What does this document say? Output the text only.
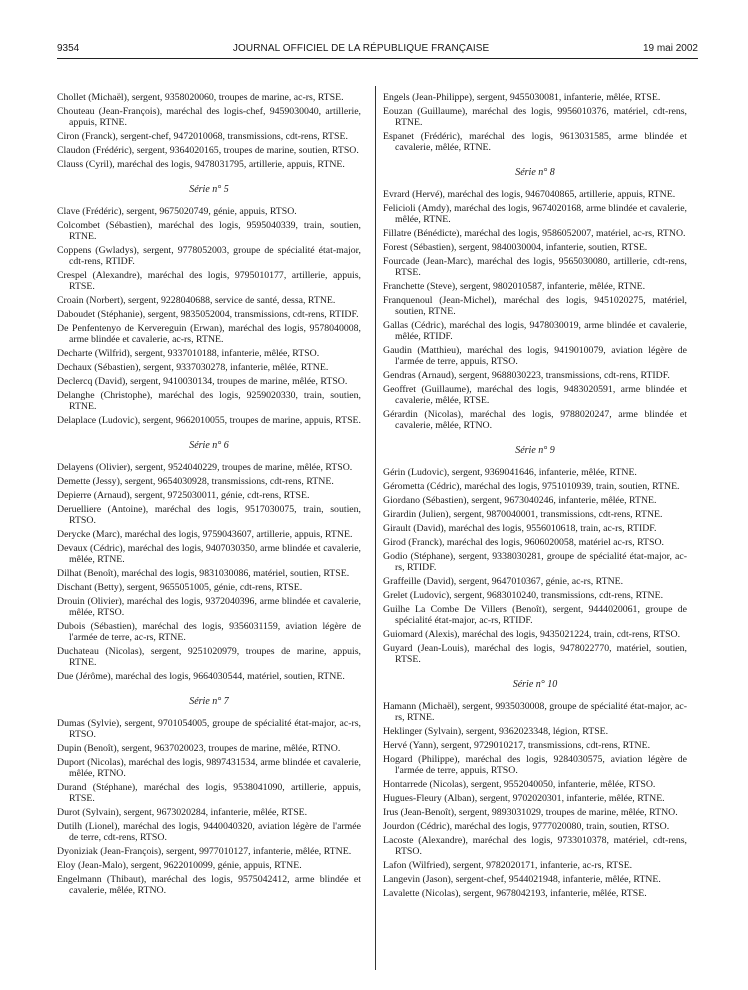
9354	JOURNAL OFFICIEL DE LA RÉPUBLIQUE FRANÇAISE	19 mai 2002

Chollet (Michaël), sergent, 9358020060, troupes de marine, ac-rs, RTSE.

Chouteau (Jean-François), maréchal des logis-chef, 9459030040, artillerie, appuis, RTNE.

Ciron (Franck), sergent-chef, 9472010068, transmissions, cdt-rens, RTSE.

Claudon (Frédéric), sergent, 9364020165, troupes de marine, soutien, RTSO.

Clauss (Cyril), maréchal des logis, 9478031795, artillerie, appuis, RTNE.

Série n° 5

Clave (Frédéric), sergent, 9675020749, génie, appuis, RTSO.

Colcombet (Sébastien), maréchal des logis, 9595040339, train, soutien, RTNE.

Coppens (Gwladys), sergent, 9778052003, groupe de spécialité état-major, cdt-rens, RTIDF.

Crespel (Alexandre), maréchal des logis, 9795010177, artillerie, appuis, RTSE.

Croain (Norbert), sergent, 9228040688, service de santé, dessa, RTNE.

Daboudet (Stéphanie), sergent, 9835052004, transmissions, cdt-rens, RTIDF.

De Penfentenyo de Kervereguin (Erwan), maréchal des logis, 9578040008, arme blindée et cavalerie, ac-rs, RTNE.

Decharte (Wilfrid), sergent, 9337010188, infanterie, mêlée, RTSO.

Dechaux (Sébastien), sergent, 9337030278, infanterie, mêlée, RTNE.

Declercq (David), sergent, 9410030134, troupes de marine, mêlée, RTSO.

Delanghe (Christophe), maréchal des logis, 9259020330, train, soutien, RTNE.

Delaplace (Ludovic), sergent, 9662010055, troupes de marine, appuis, RTSE.

Série n° 6

Delayens (Olivier), sergent, 9524040229, troupes de marine, mêlée, RTSO.

Demette (Jessy), sergent, 9654030928, transmissions, cdt-rens, RTNE.

Depierre (Arnaud), sergent, 9725030011, génie, cdt-rens, RTSE.

Deruelliere (Antoine), maréchal des logis, 9517030075, train, soutien, RTSO.

Derycke (Marc), maréchal des logis, 9759043607, artillerie, appuis, RTNE.

Devaux (Cédric), maréchal des logis, 9407030350, arme blindée et cavalerie, mêlée, RTNE.

Dilhat (Benoît), maréchal des logis, 9831030086, matériel, soutien, RTSE.

Dischant (Betty), sergent, 9655051005, génie, cdt-rens, RTSE.

Drouin (Olivier), maréchal des logis, 9372040396, arme blindée et cavalerie, mêlée, RTSO.

Dubois (Sébastien), maréchal des logis, 9356031159, aviation légère de l'armée de terre, ac-rs, RTNE.

Duchateau (Nicolas), sergent, 9251020979, troupes de marine, appuis, RTNE.

Due (Jérôme), maréchal des logis, 9664030544, matériel, soutien, RTNE.

Série n° 7

Dumas (Sylvie), sergent, 9701054005, groupe de spécialité état-major, ac-rs, RTSO.

Dupin (Benoît), sergent, 9637020023, troupes de marine, mêlée, RTNO.

Duport (Nicolas), maréchal des logis, 9897431534, arme blindée et cavalerie, mêlée, RTNO.

Durand (Stéphane), maréchal des logis, 9538041090, artillerie, appuis, RTSE.

Durot (Sylvain), sergent, 9673020284, infanterie, mêlée, RTSE.

Dutilh (Lionel), maréchal des logis, 9440040320, aviation légère de l'armée de terre, cdt-rens, RTSO.

Dyoniziak (Jean-François), sergent, 9977010127, infanterie, mêlée, RTNE.

Eloy (Jean-Malo), sergent, 9622010099, génie, appuis, RTNE.

Engelmann (Thibaut), maréchal des logis, 9575042412, arme blindée et cavalerie, mêlée, RTNO.

Engels (Jean-Philippe), sergent, 9455030081, infanterie, mêlée, RTSE.

Eouzan (Guillaume), maréchal des logis, 9956010376, matériel, cdt-rens, RTNE.

Espanet (Frédéric), maréchal des logis, 9613031585, arme blindée et cavalerie, mêlée, RTNE.

Série n° 8

Evrard (Hervé), maréchal des logis, 9467040865, artillerie, appuis, RTNE.

Felicioli (Amdy), maréchal des logis, 9674020168, arme blindée et cavalerie, mêlée, RTNE.

Fillatre (Bénédicte), maréchal des logis, 9586052007, matériel, ac-rs, RTNO.

Forest (Sébastien), sergent, 9840030004, infanterie, soutien, RTSE.

Fourcade (Jean-Marc), maréchal des logis, 9565030080, artillerie, cdt-rens, RTSE.

Franchette (Steve), sergent, 9802010587, infanterie, mêlée, RTNE.

Franquenoul (Jean-Michel), maréchal des logis, 9451020275, matériel, soutien, RTNE.

Gallas (Cédric), maréchal des logis, 9478030019, arme blindée et cavalerie, mêlée, RTIDF.

Gaudin (Matthieu), maréchal des logis, 9419010079, aviation légère de l'armée de terre, appuis, RTSO.

Gendras (Arnaud), sergent, 9688030223, transmissions, cdt-rens, RTIDF.

Geoffret (Guillaume), maréchal des logis, 9483020591, arme blindée et cavalerie, mêlée, RTSE.

Gérardin (Nicolas), maréchal des logis, 9788020247, arme blindée et cavalerie, mêlée, RTNO.

Série n° 9

Gérin (Ludovic), sergent, 9369041646, infanterie, mêlée, RTNE.

Gérometta (Cédric), maréchal des logis, 9751010939, train, soutien, RTNE.

Giordano (Sébastien), sergent, 9673040246, infanterie, mêlée, RTNE.

Girardin (Julien), sergent, 9870040001, transmissions, cdt-rens, RTNE.

Girault (David), maréchal des logis, 9556010618, train, ac-rs, RTIDF.

Girod (Franck), maréchal des logis, 9606020058, matériel ac-rs, RTSO.

Godio (Stéphane), sergent, 9338030281, groupe de spécialité état-major, ac-rs, RTIDF.

Graffeille (David), sergent, 9647010367, génie, ac-rs, RTNE.

Grelet (Ludovic), sergent, 9683010240, transmissions, cdt-rens, RTNE.

Guilhe La Combe De Villers (Benoît), sergent, 9444020061, groupe de spécialité état-major, ac-rs, RTIDF.

Guiomard (Alexis), maréchal des logis, 9435021224, train, cdt-rens, RTSO.

Guyard (Jean-Louis), maréchal des logis, 9478022770, matériel, soutien, RTSE.

Série n° 10

Hamann (Michaël), sergent, 9935030008, groupe de spécialité état-major, ac-rs, RTNE.

Heklinger (Sylvain), sergent, 9362023348, légion, RTSE.

Hervé (Yann), sergent, 9729010217, transmissions, cdt-rens, RTNE.

Hogard (Philippe), maréchal des logis, 9284030575, aviation légère de l'armée de terre, appuis, RTSO.

Hontarrede (Nicolas), sergent, 9552040050, infanterie, mêlée, RTSO.

Hugues-Fleury (Alban), sergent, 9702020301, infanterie, mêlée, RTNE.

Irus (Jean-Benoît), sergent, 9893031029, troupes de marine, mêlée, RTNO.

Jourdon (Cédric), maréchal des logis, 9777020080, train, soutien, RTSO.

Lacoste (Alexandre), maréchal des logis, 9733010378, matériel, cdt-rens, RTSO.

Lafon (Wilfried), sergent, 9782020171, infanterie, ac-rs, RTSE.

Langevin (Jason), sergent-chef, 9544021948, infanterie, mêlée, RTNE.

Lavalette (Nicolas), sergent, 9678042193, infanterie, mêlée, RTSE.
